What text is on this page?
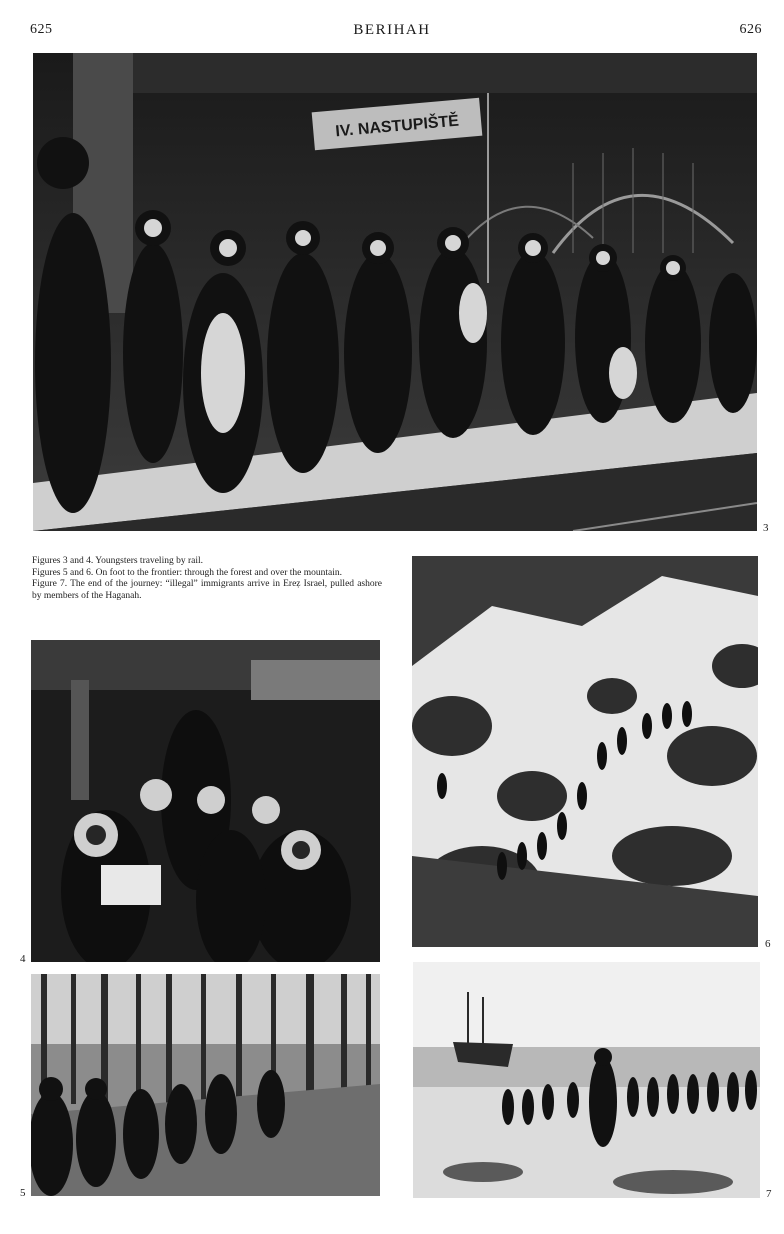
625	BERIHAH	626
IV. NASTUPIŠTĚ
3

Figures 3 and 4. Youngsters traveling by rail.

Figures 5 and 6. On foot to the frontier: through the forest and over the mountain.

Figure 7. The end of the journey: “illegal” immigrants arrive in Ereẓ Israel, pulled ashore by members of the Haganah.

4
5
6
7
